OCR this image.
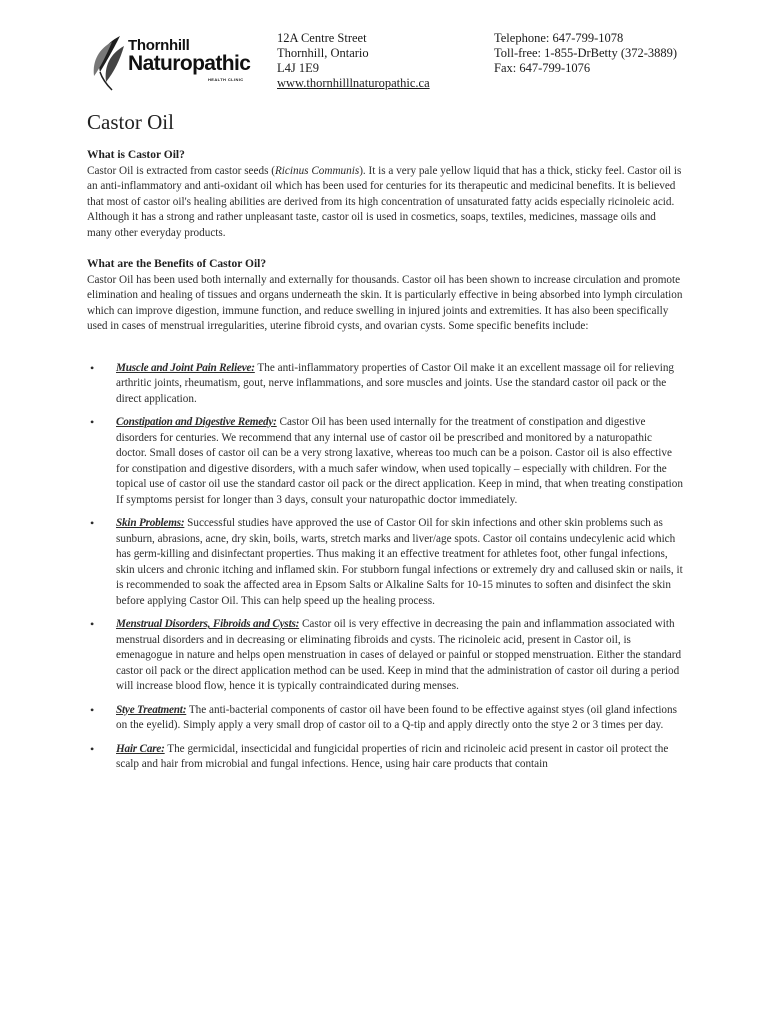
Thornhill
Naturopathic
HEALTH CLINIC
12A Centre Street
Thornhill, Ontario
L4J 1E9
www.thornhilllnaturopathic.ca
Telephone: 647-799-1078
Toll-free: 1-855-DrBetty (372-3889)
Fax: 647-799-1076
Castor Oil
What is Castor Oil?

Castor Oil is extracted from castor seeds (Ricinus Communis). It is a very pale yellow liquid that has a thick, sticky feel. Castor oil is an anti-inflammatory and anti-oxidant oil which has been used for centuries for its therapeutic and medicinal benefits. It is believed that most of castor oil's healing abilities are derived from its high concentration of unsaturated fatty acids especially ricinoleic acid. Although it has a strong and rather unpleasant taste, castor oil is used in cosmetics, soaps, textiles, medicines, massage oils and many other everyday products.

What are the Benefits of Castor Oil?

Castor Oil has been used both internally and externally for thousands. Castor oil has been shown to increase circulation and promote elimination and healing of tissues and organs underneath the skin. It is particularly effective in being absorbed into lymph circulation which can improve digestion, immune function, and reduce swelling in injured joints and extremities. It has also been specifically used in cases of menstrual irregularities, uterine fibroid cysts, and ovarian cysts. Some specific benefits include:

• Muscle and Joint Pain Relieve: The anti-inflammatory properties of Castor Oil make it an excellent massage oil for relieving arthritic joints, rheumatism, gout, nerve inflammations, and sore muscles and joints. Use the standard castor oil pack or the direct application.
• Constipation and Digestive Remedy: Castor Oil has been used internally for the treatment of constipation and digestive disorders for centuries. We recommend that any internal use of castor oil be prescribed and monitored by a naturopathic doctor. Small doses of castor oil can be a very strong laxative, whereas too much can be a poison. Castor oil is also effective for constipation and digestive disorders, with a much safer window, when used topically – especially with children. For the topical use of castor oil use the standard castor oil pack or the direct application. Keep in mind, that when treating constipation If symptoms persist for longer than 3 days, consult your naturopathic doctor immediately.
• Skin Problems: Successful studies have approved the use of Castor Oil for skin infections and other skin problems such as sunburn, abrasions, acne, dry skin, boils, warts, stretch marks and liver/age spots. Castor oil contains undecylenic acid which has germ-killing and disinfectant properties. Thus making it an effective treatment for athletes foot, other fungal infections, skin ulcers and chronic itching and inflamed skin. For stubborn fungal infections or extremely dry and callused skin or nails, it is recommended to soak the affected area in Epsom Salts or Alkaline Salts for 10-15 minutes to soften and disinfect the skin before applying Castor Oil. This can help speed up the healing process.
• Menstrual Disorders, Fibroids and Cysts: Castor oil is very effective in decreasing the pain and inflammation associated with menstrual disorders and in decreasing or eliminating fibroids and cysts. The ricinoleic acid, present in Castor oil, is emenagogue in nature and helps open menstruation in cases of delayed or painful or stopped menstruation. Either the standard castor oil pack or the direct application method can be used. Keep in mind that the administration of castor oil during a period will increase blood flow, hence it is typically contraindicated during menses.
• Stye Treatment: The anti-bacterial components of castor oil have been found to be effective against styes (oil gland infections on the eyelid). Simply apply a very small drop of castor oil to a Q-tip and apply directly onto the stye 2 or 3 times per day.
• Hair Care: The germicidal, insecticidal and fungicidal properties of ricin and ricinoleic acid present in castor oil protect the scalp and hair from microbial and fungal infections. Hence, using hair care products that contain
